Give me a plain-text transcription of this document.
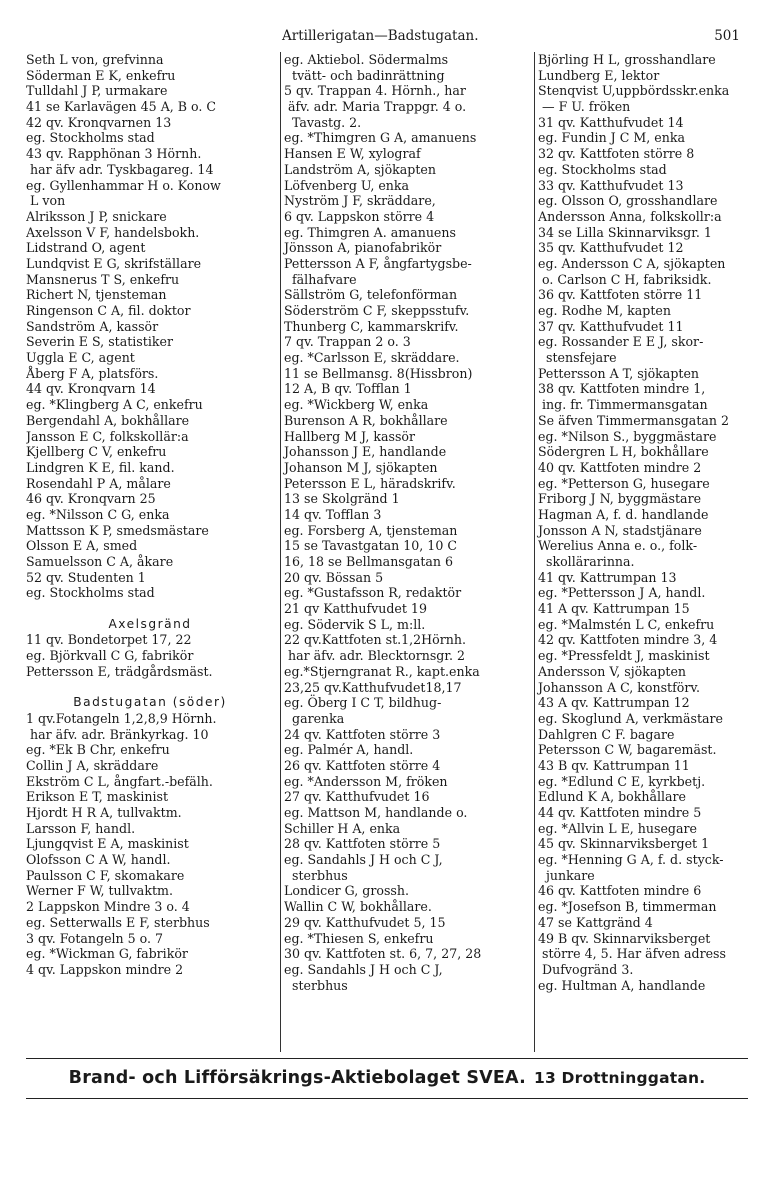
Artillerigatan—Badstugatan.	501
Seth L von, grefvinna
Söderman E K, enkefru
Tulldahl J P, urmakare
41 se Karlavägen 45 A, B o. C
42 qv. Kronqvarnen 13
eg. Stockholms stad
43 qv. Rapphönan 3 Hörnh.
har äfv adr. Tyskbagareg. 14
eg. Gyllenhammar H o. Konow
L von
Alriksson J P, snickare
Axelsson V F, handelsbokh.
Lidstrand O, agent
Lundqvist E G, skrifställare
Mansnerus T S, enkefru
Richert N, tjensteman
Ringenson C A, fil. doktor
Sandström A, kassör
Severin E S, statistiker
Uggla E C, agent
Åberg F A, platsförs.
44 qv. Kronqvarn 14
eg. *Klingberg A C, enkefru
Bergendahl A, bokhållare
Jansson E C, folkskollär:a
Kjellberg C V, enkefru
Lindgren K E, fil. kand.
Rosendahl P A, målare
46 qv. Kronqvarn 25
eg. *Nilsson C G, enka
Mattsson K P, smedsmästare
Olsson E A, smed
Samuelsson C A, åkare
52 qv. Studenten 1
eg. Stockholms stad
Axelsgränd
11 qv. Bondetorpet 17, 22
eg. Björkvall C G, fabrikör
Pettersson E, trädgårdsmäst.
Badstugatan (söder)
1 qv.Fotangeln 1,2,8,9 Hörnh.
har äfv. adr. Bränkyrkag. 10
eg. *Ek B Chr, enkefru
Collin J A, skräddare
Ekström C L, ångfart.-befälh.
Erikson E T, maskinist
Hjordt H R A, tullvaktm.
Larsson F, handl.
Ljungqvist E A, maskinist
Olofsson C A W, handl.
Paulsson C F, skomakare
Werner F W, tullvaktm.
2 Lappskon Mindre 3 o. 4
eg. Setterwalls E F, sterbhus
3 qv. Fotangeln 5 o. 7
eg. *Wickman G, fabrikör
4 qv. Lappskon mindre 2
eg. Aktiebol. Södermalms
tvätt- och badinrättning
5 qv. Trappan 4. Hörnh., har
äfv. adr. Maria Trappgr. 4 o.
Tavastg. 2.
eg. *Thimgren G A, amanuens
Hansen E W, xylograf
Landström A, sjökapten
Löfvenberg U, enka
Nyström J F, skräddare,
6 qv. Lappskon större 4
eg. Thimgren A. amanuens
Jönsson A, pianofabrikör
Pettersson A F, ångfartygsbe-
fälhafvare
Sällström G, telefonförman
Söderström C F, skeppsstufv.
Thunberg C, kammarskrifv.
7 qv. Trappan 2 o. 3
eg. *Carlsson E, skräddare.
11 se Bellmansg. 8(Hissbron)
12 A, B qv. Tofflan 1
eg. *Wickberg W, enka
Burenson A R, bokhållare
Hallberg M J, kassör
Johansson J E, handlande
Johanson M J, sjökapten
Petersson E L, häradskrifv.
13 se Skolgränd 1
14 qv. Tofflan 3
eg. Forsberg A, tjensteman
15 se Tavastgatan 10, 10 C
16, 18 se Bellmansgatan 6
20 qv. Bössan 5
eg. *Gustafsson R, redaktör
21 qv Katthufvudet 19
eg. Södervik S L, m:ll.
22 qv.Kattfoten st.1,2Hörnh.
har äfv. adr. Blecktornsgr. 2
eg.*Stjerngranat R., kapt.enka
23,25 qv.Katthufvudet18,17
eg. Öberg I C T, bildhug-
garenka
24 qv. Kattfoten större 3
eg. Palmér A, handl.
26 qv. Kattfoten större 4
eg. *Andersson M, fröken
27 qv. Katthufvudet 16
eg. Mattson M, handlande o.
Schiller H A, enka
28 qv. Kattfoten större 5
eg. Sandahls J H och C J,
sterbhus
Londicer G, grossh.
Wallin C W, bokhållare.
29 qv. Katthufvudet 5, 15
eg. *Thiesen S, enkefru
30 qv. Kattfoten st. 6, 7, 27, 28
eg. Sandahls J H och C J,
sterbhus
Björling H L, grosshandlare
Lundberg E, lektor
Stenqvist U,uppbördsskr.enka
— F U. fröken
31 qv. Katthufvudet 14
eg. Fundin J C M, enka
32 qv. Kattfoten större 8
eg. Stockholms stad
33 qv. Katthufvudet 13
eg. Olsson O, grosshandlare
Andersson Anna, folkskollr:a
34 se Lilla Skinnarviksgr. 1
35 qv. Katthufvudet 12
eg. Andersson C A, sjökapten
o. Carlson C H, fabriksidk.
36 qv. Kattfoten större 11
eg. Rodhe M, kapten
37 qv. Katthufvudet 11
eg. Rossander E E J, skor-
stensfejare
Pettersson A T, sjökapten
38 qv. Kattfoten mindre 1,
ing. fr. Timmermansgatan
Se äfven Timmermansgatan 2
eg. *Nilson S., byggmästare
Södergren L H, bokhållare
40 qv. Kattfoten mindre 2
eg. *Petterson G, husegare
Friborg J N, byggmästare
Hagman A, f. d. handlande
Jonsson A N, stadstjänare
Werelius Anna e. o., folk-
skollärarinna.
41 qv. Kattrumpan 13
eg. *Pettersson J A, handl.
41 A qv. Kattrumpan 15
eg. *Malmstén L C, enkefru
42 qv. Kattfoten mindre 3, 4
eg. *Pressfeldt J, maskinist
Andersson V, sjökapten
Johansson A C, konstförv.
43 A qv. Kattrumpan 12
eg. Skoglund A, verkmästare
Dahlgren C F. bagare
Petersson C W, bagaremäst.
43 B qv. Kattrumpan 11
eg. *Edlund C E, kyrkbetj.
Edlund K A, bokhållare
44 qv. Kattfoten mindre 5
eg. *Allvin L E, husegare
45 qv. Skinnarviksberget 1
eg. *Henning G A, f. d. styck-
junkare
46 qv. Kattfoten mindre 6
eg. *Josefson B, timmerman
47 se Kattgränd 4
49 B qv. Skinnarviksberget
större 4, 5. Har äfven adress
Dufvogränd 3.
eg. Hultman A, handlande
Brand- och Lifförsäkrings-Aktiebolaget SVEA. 13 Drottninggatan.
